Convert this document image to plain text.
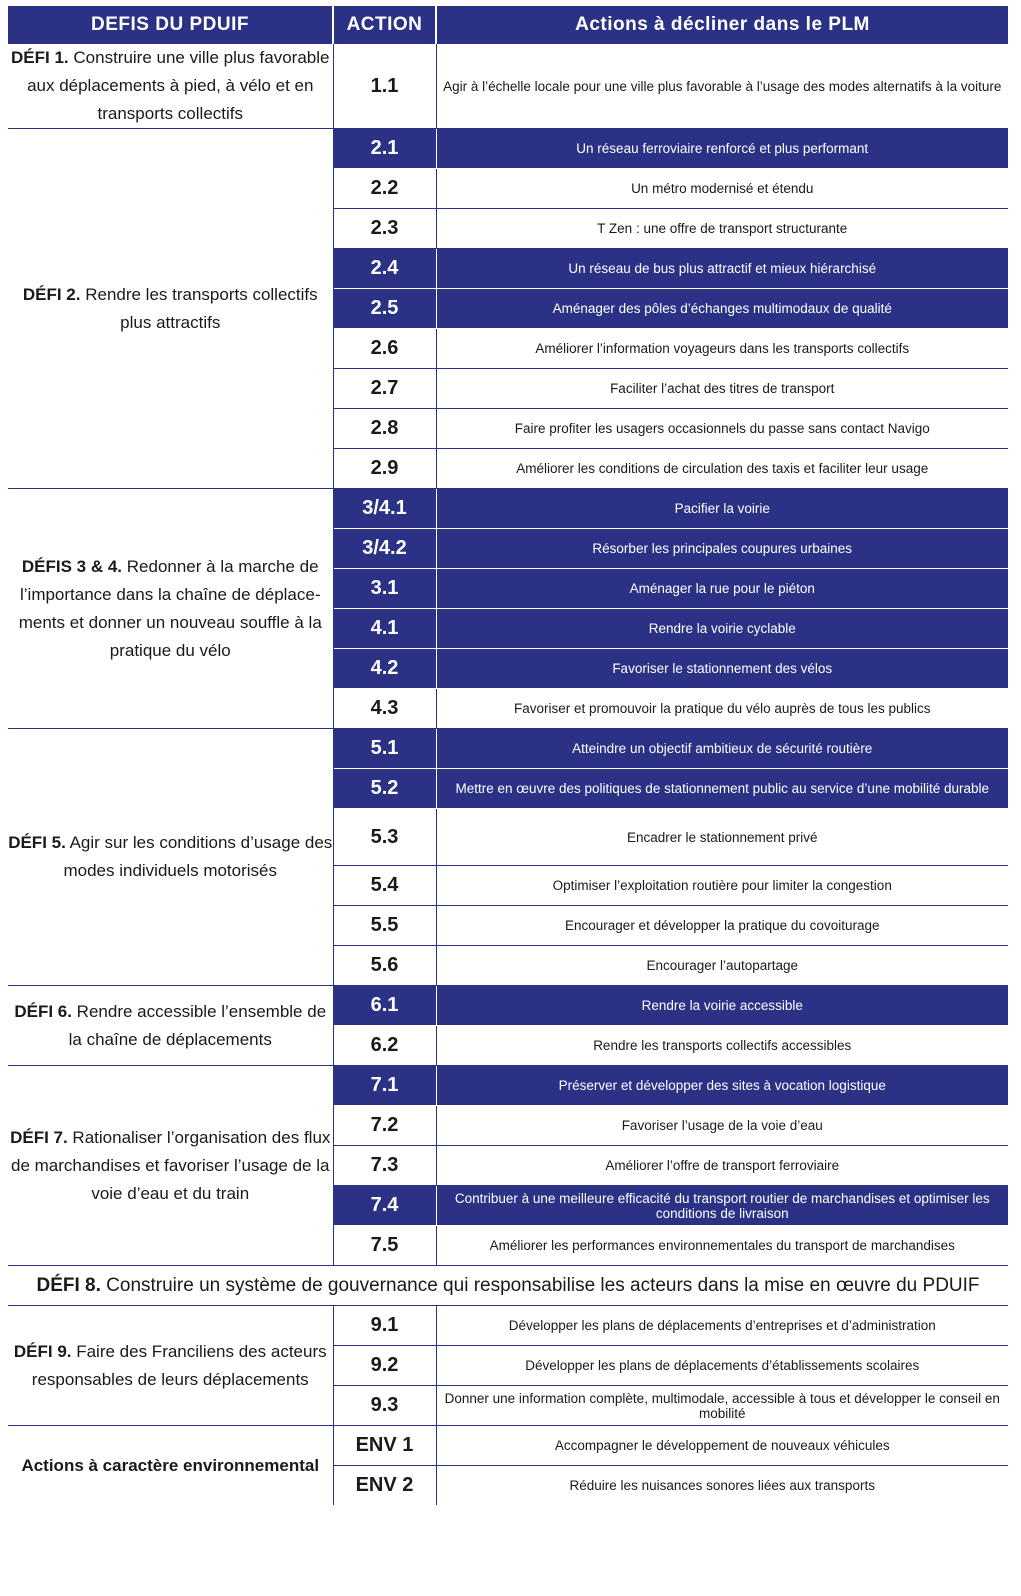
DEFIS DU PDUIF	ACTION	Actions à décliner dans le PLM
DÉFI 1. Construire une ville plus favorable aux déplacements à pied, à vélo et en transports collectifs	1.1	Agir à l’échelle locale pour une ville plus favorable à l’usage des modes alternatifs à la voiture
DÉFI 2. Rendre les transports collectifs plus attractifs	2.1	Un réseau ferroviaire renforcé et plus performant
	2.2	Un métro modernisé et étendu
	2.3	T Zen : une offre de transport structurante
	2.4	Un réseau de bus plus attractif et mieux hiérarchisé
	2.5	Aménager des pôles d’échanges multimodaux de qualité
	2.6	Améliorer l’information voyageurs dans les transports collectifs
	2.7	Faciliter l’achat des titres de transport
	2.8	Faire profiter les usagers occasionnels du passe sans contact Navigo
	2.9	Améliorer les conditions de circulation des taxis et faciliter leur usage
DÉFIS 3 & 4. Redonner à la marche de l’importance dans la chaîne de déplace-ments et donner un nouveau souffle à la pratique du vélo	3/4.1	Pacifier la voirie
	3/4.2	Résorber les principales coupures urbaines
	3.1	Aménager la rue pour le piéton
	4.1	Rendre la voirie cyclable
	4.2	Favoriser le stationnement des vélos
	4.3	Favoriser et promouvoir la pratique du vélo auprès de tous les publics
DÉFI 5. Agir sur les conditions d’usage des modes individuels motorisés	5.1	Atteindre un objectif ambitieux de sécurité routière
	5.2	Mettre en œuvre des politiques de stationnement public au service d’une mobilité durable
	5.3	Encadrer le stationnement privé
	5.4	Optimiser l’exploitation routière pour limiter la congestion
	5.5	Encourager et développer la pratique du covoiturage
	5.6	Encourager l’autopartage
DÉFI 6. Rendre accessible l’ensemble de la chaîne de déplacements	6.1	Rendre la voirie accessible
	6.2	Rendre les transports collectifs accessibles
DÉFI 7. Rationaliser l’organisation des flux de marchandises et favoriser l’usage de la voie d’eau et du train	7.1	Préserver et développer des sites à vocation logistique
	7.2	Favoriser l’usage de la voie d’eau
	7.3	Améliorer l’offre de transport ferroviaire
	7.4	Contribuer à une meilleure efficacité du transport routier de marchandises et optimiser les conditions de livraison
	7.5	Améliorer les performances environnementales du transport de marchandises
DÉFI 8. Construire un système de gouvernance qui responsabilise les acteurs dans la mise en œuvre du PDUIF		
DÉFI 9. Faire des Franciliens des acteurs responsables de leurs déplacements	9.1	Développer les plans de déplacements d’entreprises et d’administration
	9.2	Développer les plans de déplacements d’établissements scolaires
	9.3	Donner une information complète, multimodale, accessible à tous et développer le conseil en mobilité
Actions à caractère environnemental	ENV 1	Accompagner le développement de nouveaux véhicules
	ENV 2	Réduire les nuisances sonores liées aux transports
